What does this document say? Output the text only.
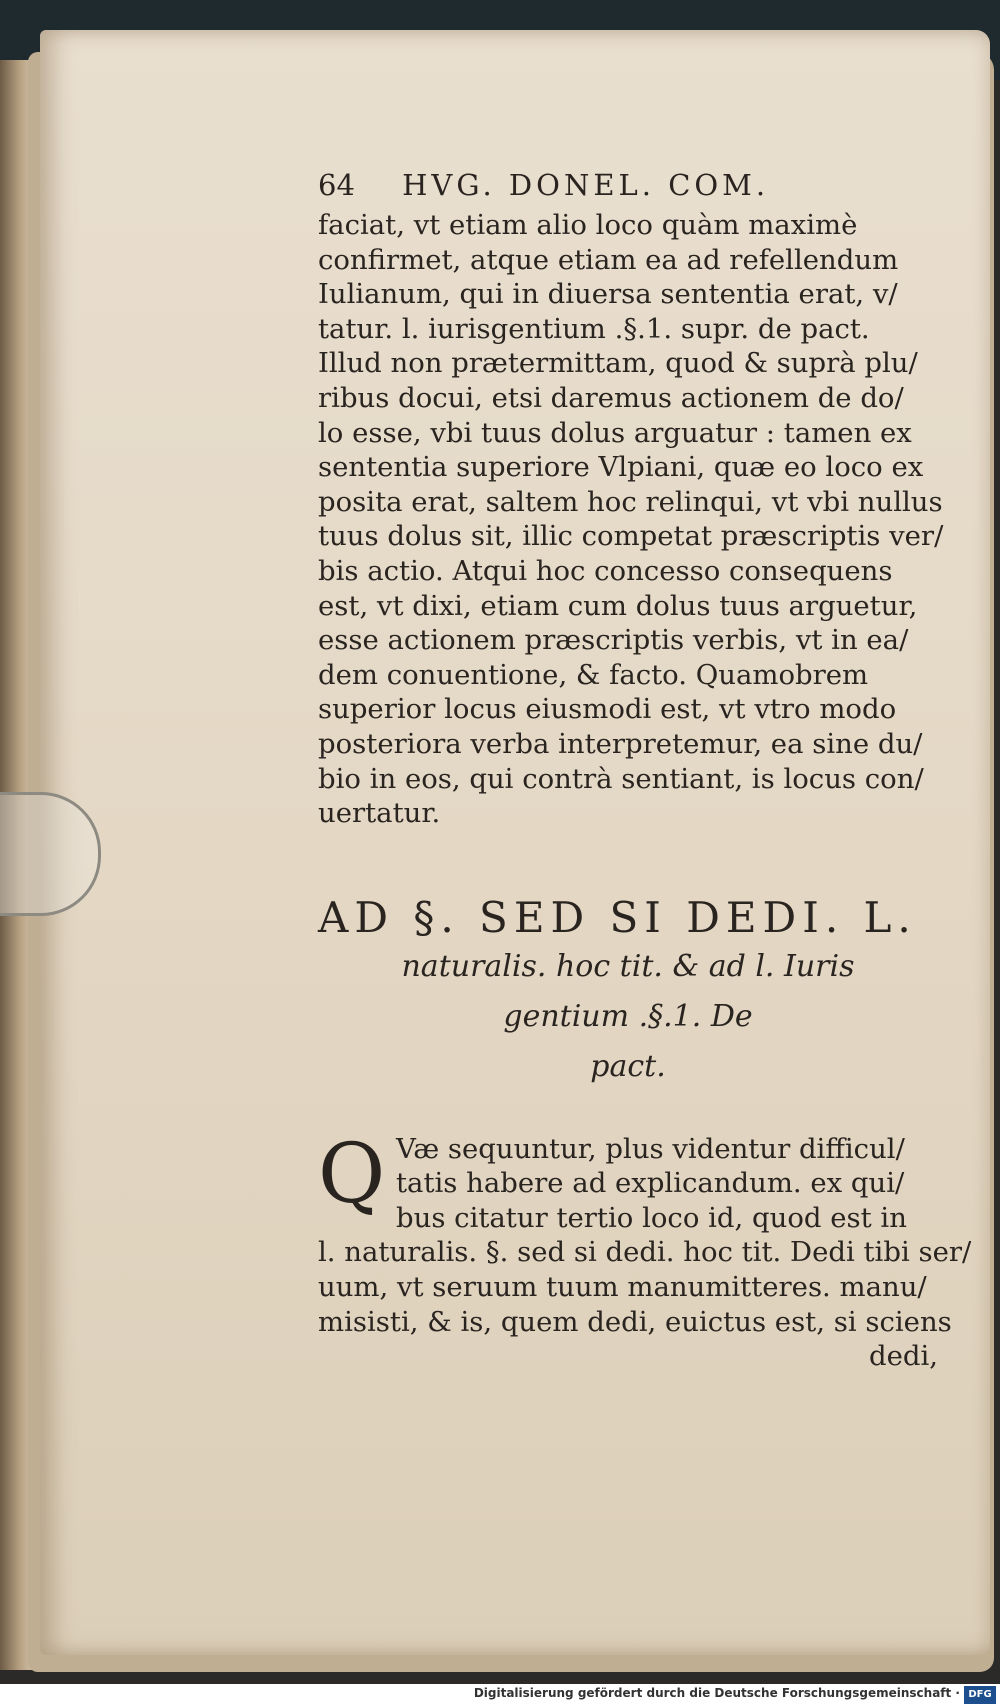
64 HVG. DONEL. COM.

faciat, vt etiam alio loco quàm maximè
confirmet, atque etiam ea ad refellendum
Iulianum, qui in diuersa sententia erat, v/
tatur. l. iurisgentium .§.1. supr. de pact.
Illud non prætermittam, quod & suprà plu/
ribus docui, etsi daremus actionem de do/
lo esse, vbi tuus dolus arguatur : tamen ex
sententia superiore Vlpiani, quæ eo loco ex
posita erat, saltem hoc relinqui, vt vbi nullus
tuus dolus sit, illic competat præscriptis ver/
bis actio. Atqui hoc concesso consequens
est, vt dixi, etiam cum dolus tuus arguetur,
esse actionem præscriptis verbis, vt in ea/
dem conuentione, & facto. Quamobrem
superior locus eiusmodi est, vt vtro modo
posteriora verba interpretemur, ea sine du/
bio in eos, qui contrà sentiant, is locus con/
uertatur.

AD §. SED SI DEDI. L.
naturalis. hoc tit. & ad l. Iuris
gentium .§.1. De
pact.
Q Væ sequuntur, plus videntur difficul/
tatis habere ad explicandum. ex qui/
bus citatur tertio loco id, quod est in
l. naturalis. §. sed si dedi. hoc tit. Dedi tibi ser/
uum, vt seruum tuum manumitteres. manu/
misisti, & is, quem dedi, euictus est, si sciens
dedi,
Digitalisierung gefördert durch die Deutsche Forschungsgemeinschaft · DFG
